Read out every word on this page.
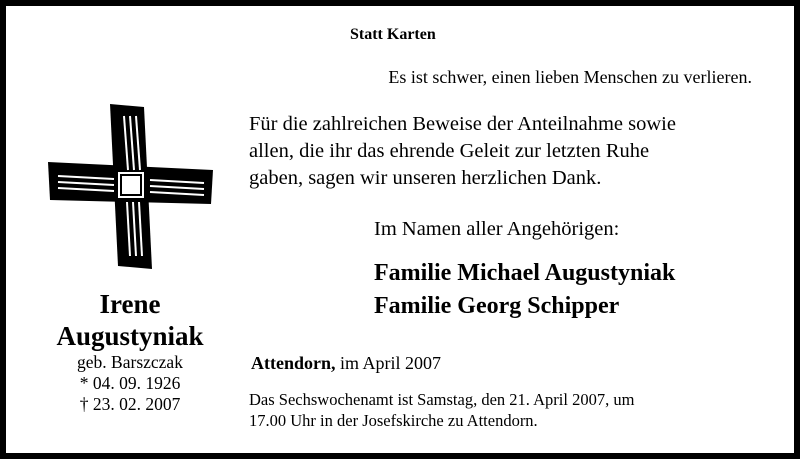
Statt Karten
Es ist schwer, einen lieben Menschen zu verlieren.
Für die zahlreichen Beweise der Anteilnahme sowie
allen, die ihr das ehrende Geleit zur letzten Ruhe
gaben, sagen wir unseren herzlichen Dank.
Im Namen aller Angehörigen:
Familie Michael Augustyniak
Familie Georg Schipper
Attendorn, im April 2007
Das Sechswochenamt ist Samstag, den 21. April 2007, um
17.00 Uhr in der Josefskirche zu Attendorn.
Irene
Augustyniak
geb. Barszczak
* 04. 09. 1926
† 23. 02. 2007
